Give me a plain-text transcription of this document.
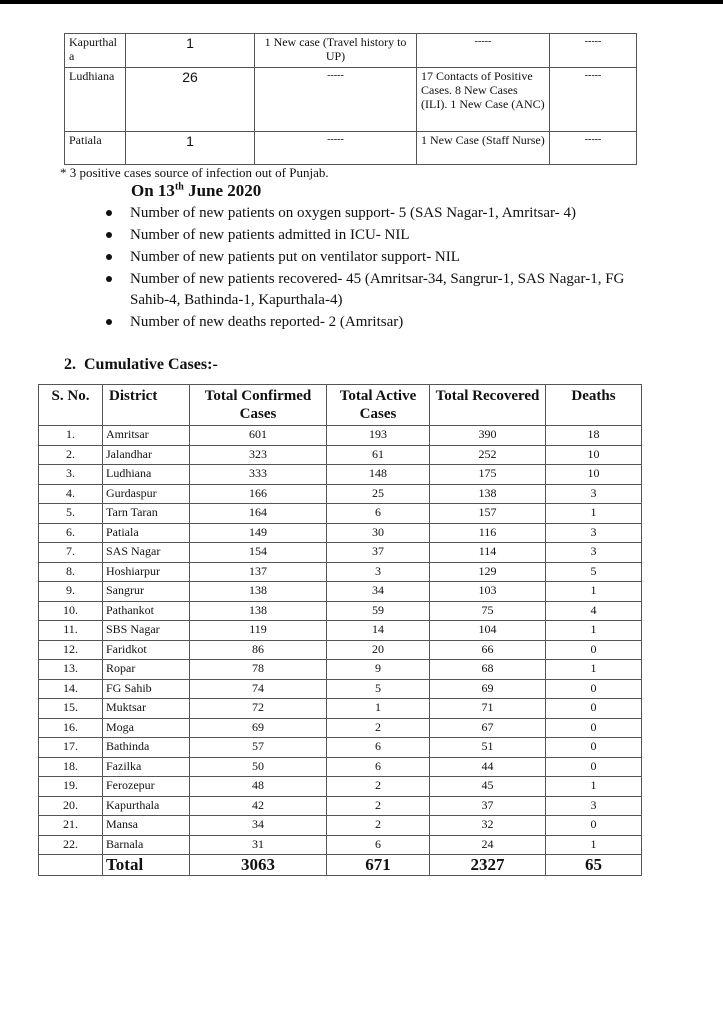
Kapurthal a	1	1 New case (Travel history to UP)	-----	-----
Ludhiana	26	-----	17 Contacts of Positive Cases. 8 New Cases (ILI). 1 New Case (ANC)	-----
Patiala	1	-----	1 New Case (Staff Nurse)	-----
* 3 positive cases source of infection out of Punjab.
On 13th June 2020
Number of new patients on oxygen support- 5 (SAS Nagar-1, Amritsar- 4)
Number of new patients admitted in ICU- NIL
Number of new patients put on ventilator support- NIL
Number of new patients recovered- 45 (Amritsar-34, Sangrur-1, SAS Nagar-1, FG Sahib-4, Bathinda-1, Kapurthala-4)
Number of new deaths reported- 2 (Amritsar)
2. Cumulative Cases:-
S. No.	District	Total Confirmed Cases	Total Active Cases	Total Recovered	Deaths
1.	Amritsar	601	193	390	18
2.	Jalandhar	323	61	252	10
3.	Ludhiana	333	148	175	10
4.	Gurdaspur	166	25	138	3
5.	Tarn Taran	164	6	157	1
6.	Patiala	149	30	116	3
7.	SAS Nagar	154	37	114	3
8.	Hoshiarpur	137	3	129	5
9.	Sangrur	138	34	103	1
10.	Pathankot	138	59	75	4
11.	SBS Nagar	119	14	104	1
12.	Faridkot	86	20	66	0
13.	Ropar	78	9	68	1
14.	FG Sahib	74	5	69	0
15.	Muktsar	72	1	71	0
16.	Moga	69	2	67	0
17.	Bathinda	57	6	51	0
18.	Fazilka	50	6	44	0
19.	Ferozepur	48	2	45	1
20.	Kapurthala	42	2	37	3
21.	Mansa	34	2	32	0
22.	Barnala	31	6	24	1
	Total	3063	671	2327	65
